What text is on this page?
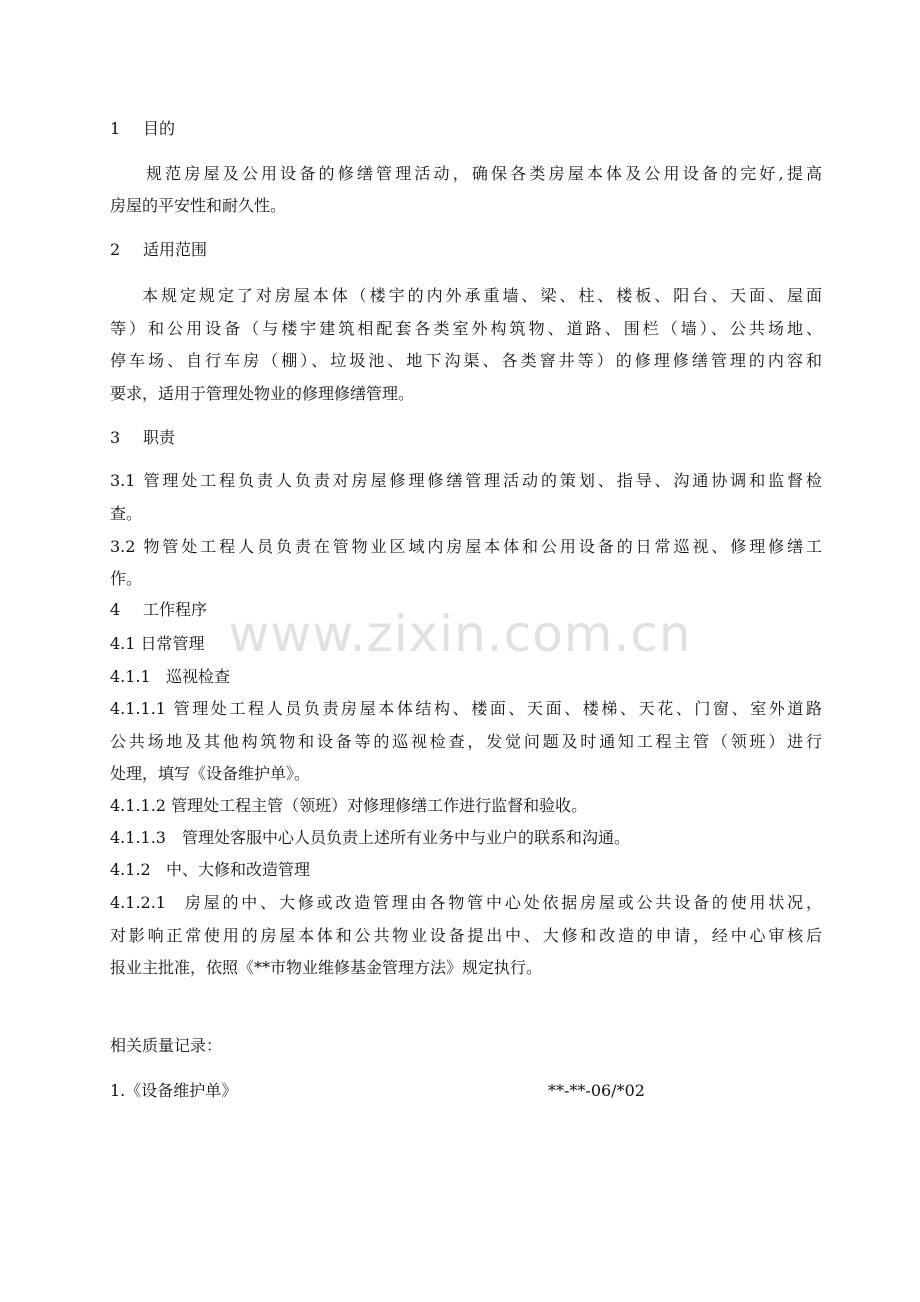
www.zixin.com.cn
1 目的
规范房屋及公用设备的修缮管理活动，确保各类房屋本体及公用设备的完好,提高
房屋的平安性和耐久性。
2 适用范围
本规定规定了对房屋本体（楼宇的内外承重墙、梁、柱、楼板、阳台、天面、屋面
等）和公用设备（与楼宇建筑相配套各类室外构筑物、道路、围栏（墙）、公共场地、
停车场、自行车房（棚）、垃圾池、地下沟渠、各类窨井等）的修理修缮管理的内容和
要求，适用于管理处物业的修理修缮管理。
3 职责
3.1 管理处工程负责人负责对房屋修理修缮管理活动的策划、指导、沟通协调和监督检
查。
3.2 物管处工程人员负责在管物业区域内房屋本体和公用设备的日常巡视、修理修缮工
作。
4 工作程序
4.1 日常管理
4.1.1 巡视检查
4.1.1.1 管理处工程人员负责房屋本体结构、楼面、天面、楼梯、天花、门窗、室外道路
公共场地及其他构筑物和设备等的巡视检查，发觉问题及时通知工程主管（领班）进行
处理，填写《设备维护单》。
4.1.1.2 管理处工程主管（领班）对修理修缮工作进行监督和验收。
4.1.1.3 管理处客服中心人员负责上述所有业务中与业户的联系和沟通。
4.1.2 中、大修和改造管理
4.1.2.1 房屋的中、大修或改造管理由各物管中心处依据房屋或公共设备的使用状况，
对影响正常使用的房屋本体和公共物业设备提出中、大修和改造的申请，经中心审核后
报业主批准，依照《**市物业维修基金管理方法》规定执行。
相关质量记录：
1.《设备维护单》	**-**-06/*02
